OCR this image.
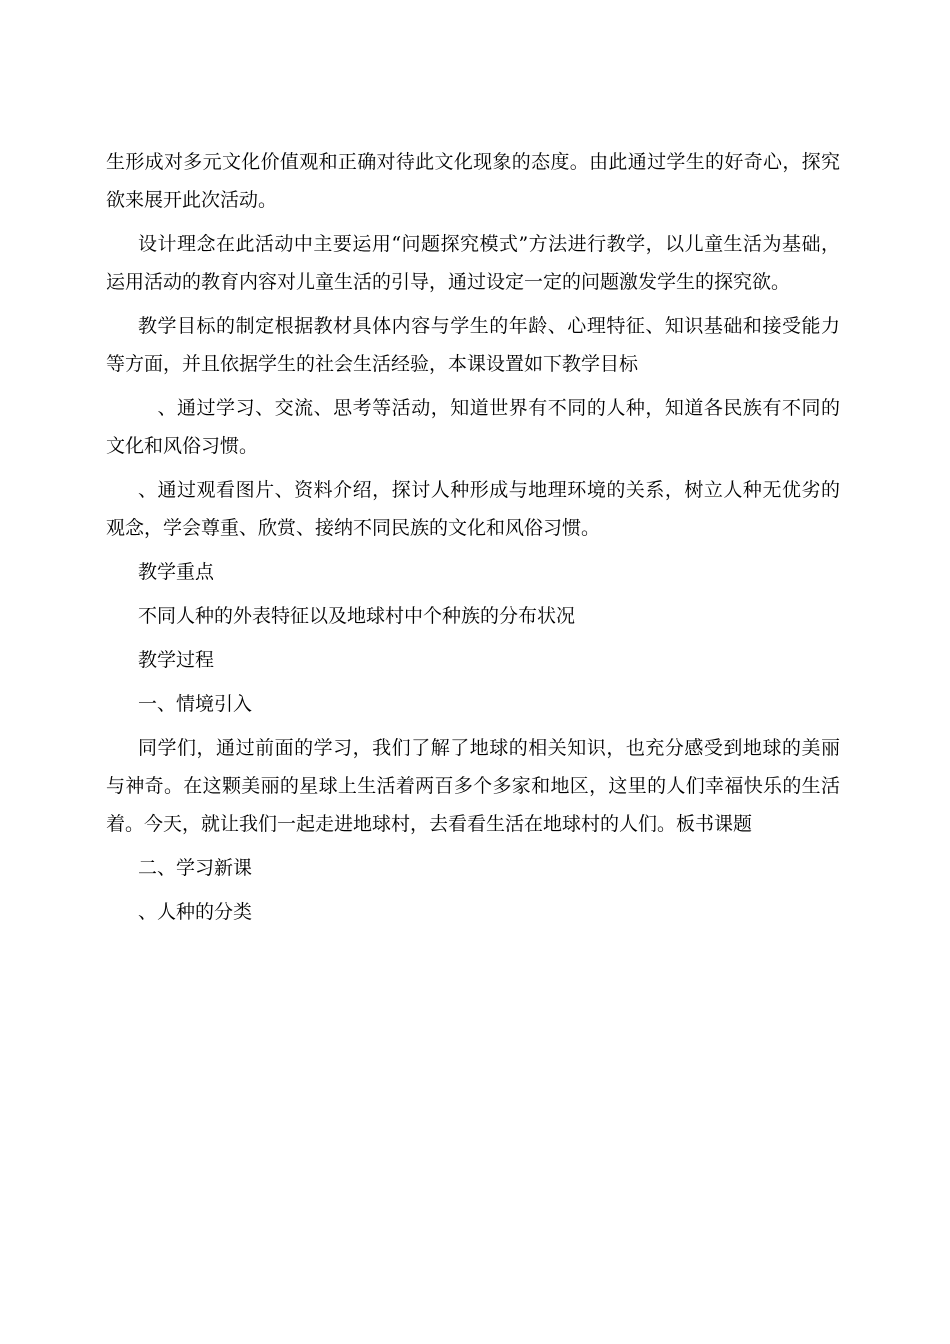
生形成对多元文化价值观和正确对待此文化现象的态度。由此通过学生的好奇心，探究欲来展开此次活动。

设计理念在此活动中主要运用“问题探究模式”方法进行教学，以儿童生活为基础，运用活动的教育内容对儿童生活的引导，通过设定一定的问题激发学生的探究欲。

教学目标的制定根据教材具体内容与学生的年龄、心理特征、知识基础和接受能力等方面，并且依据学生的社会生活经验，本课设置如下教学目标

　、通过学习、交流、思考等活动，知道世界有不同的人种，知道各民族有不同的文化和风俗习惯。

、通过观看图片、资料介绍，探讨人种形成与地理环境的关系，树立人种无优劣的观念，学会尊重、欣赏、接纳不同民族的文化和风俗习惯。

教学重点

不同人种的外表特征以及地球村中个种族的分布状况

教学过程

一、情境引入

同学们，通过前面的学习，我们了解了地球的相关知识，也充分感受到地球的美丽与神奇。在这颗美丽的星球上生活着两百多个多家和地区，这里的人们幸福快乐的生活着。今天，就让我们一起走进地球村，去看看生活在地球村的人们。板书课题

二、学习新课

、人种的分类
